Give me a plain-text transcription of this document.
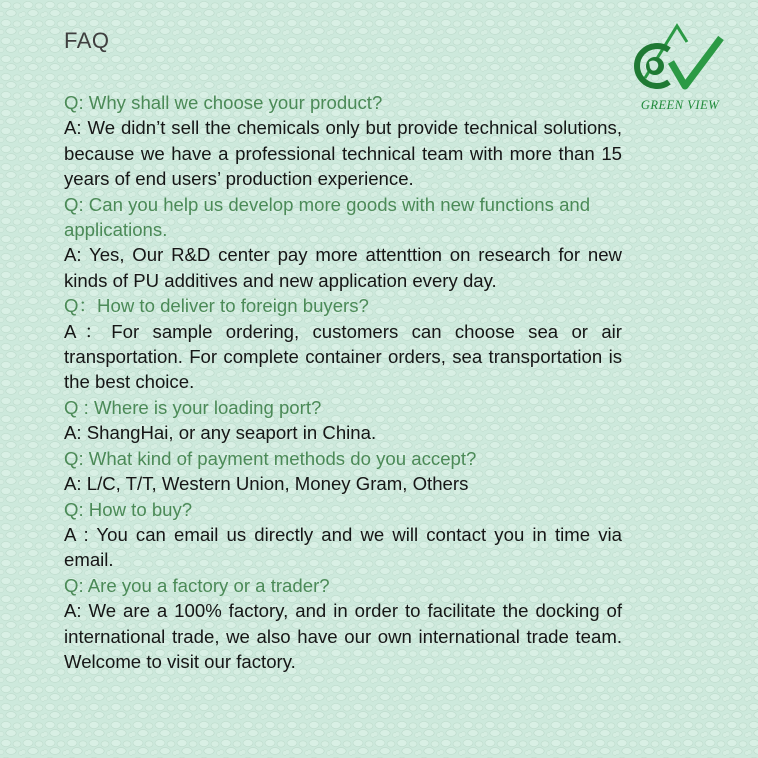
FAQ
GREEN VIEW
Q: Why shall we choose your product?
A: We didn’t sell the chemicals only but provide technical solutions, because we have a professional technical team with more than 15 years of end users’ production experience.
Q: Can you help us develop more goods with new functions and applications.
A: Yes, Our R&D center pay more attenttion on research for new kinds of PU additives and new application every day.
Q：How to deliver to foreign buyers?
A：For sample ordering, customers can choose sea or air transportation. For complete container orders, sea transportation is the best choice.
Q : Where is your loading port?
A: ShangHai, or any seaport in China.
Q: What kind of payment methods do you accept?
A: L/C, T/T, Western Union, Money Gram, Others
Q: How to buy?
A : You can email us directly and we will contact you in time via email.
Q: Are you a factory or a trader?
A: We are a 100% factory, and in order to facilitate the docking of international trade, we also have our own international trade team. Welcome to visit our factory.
